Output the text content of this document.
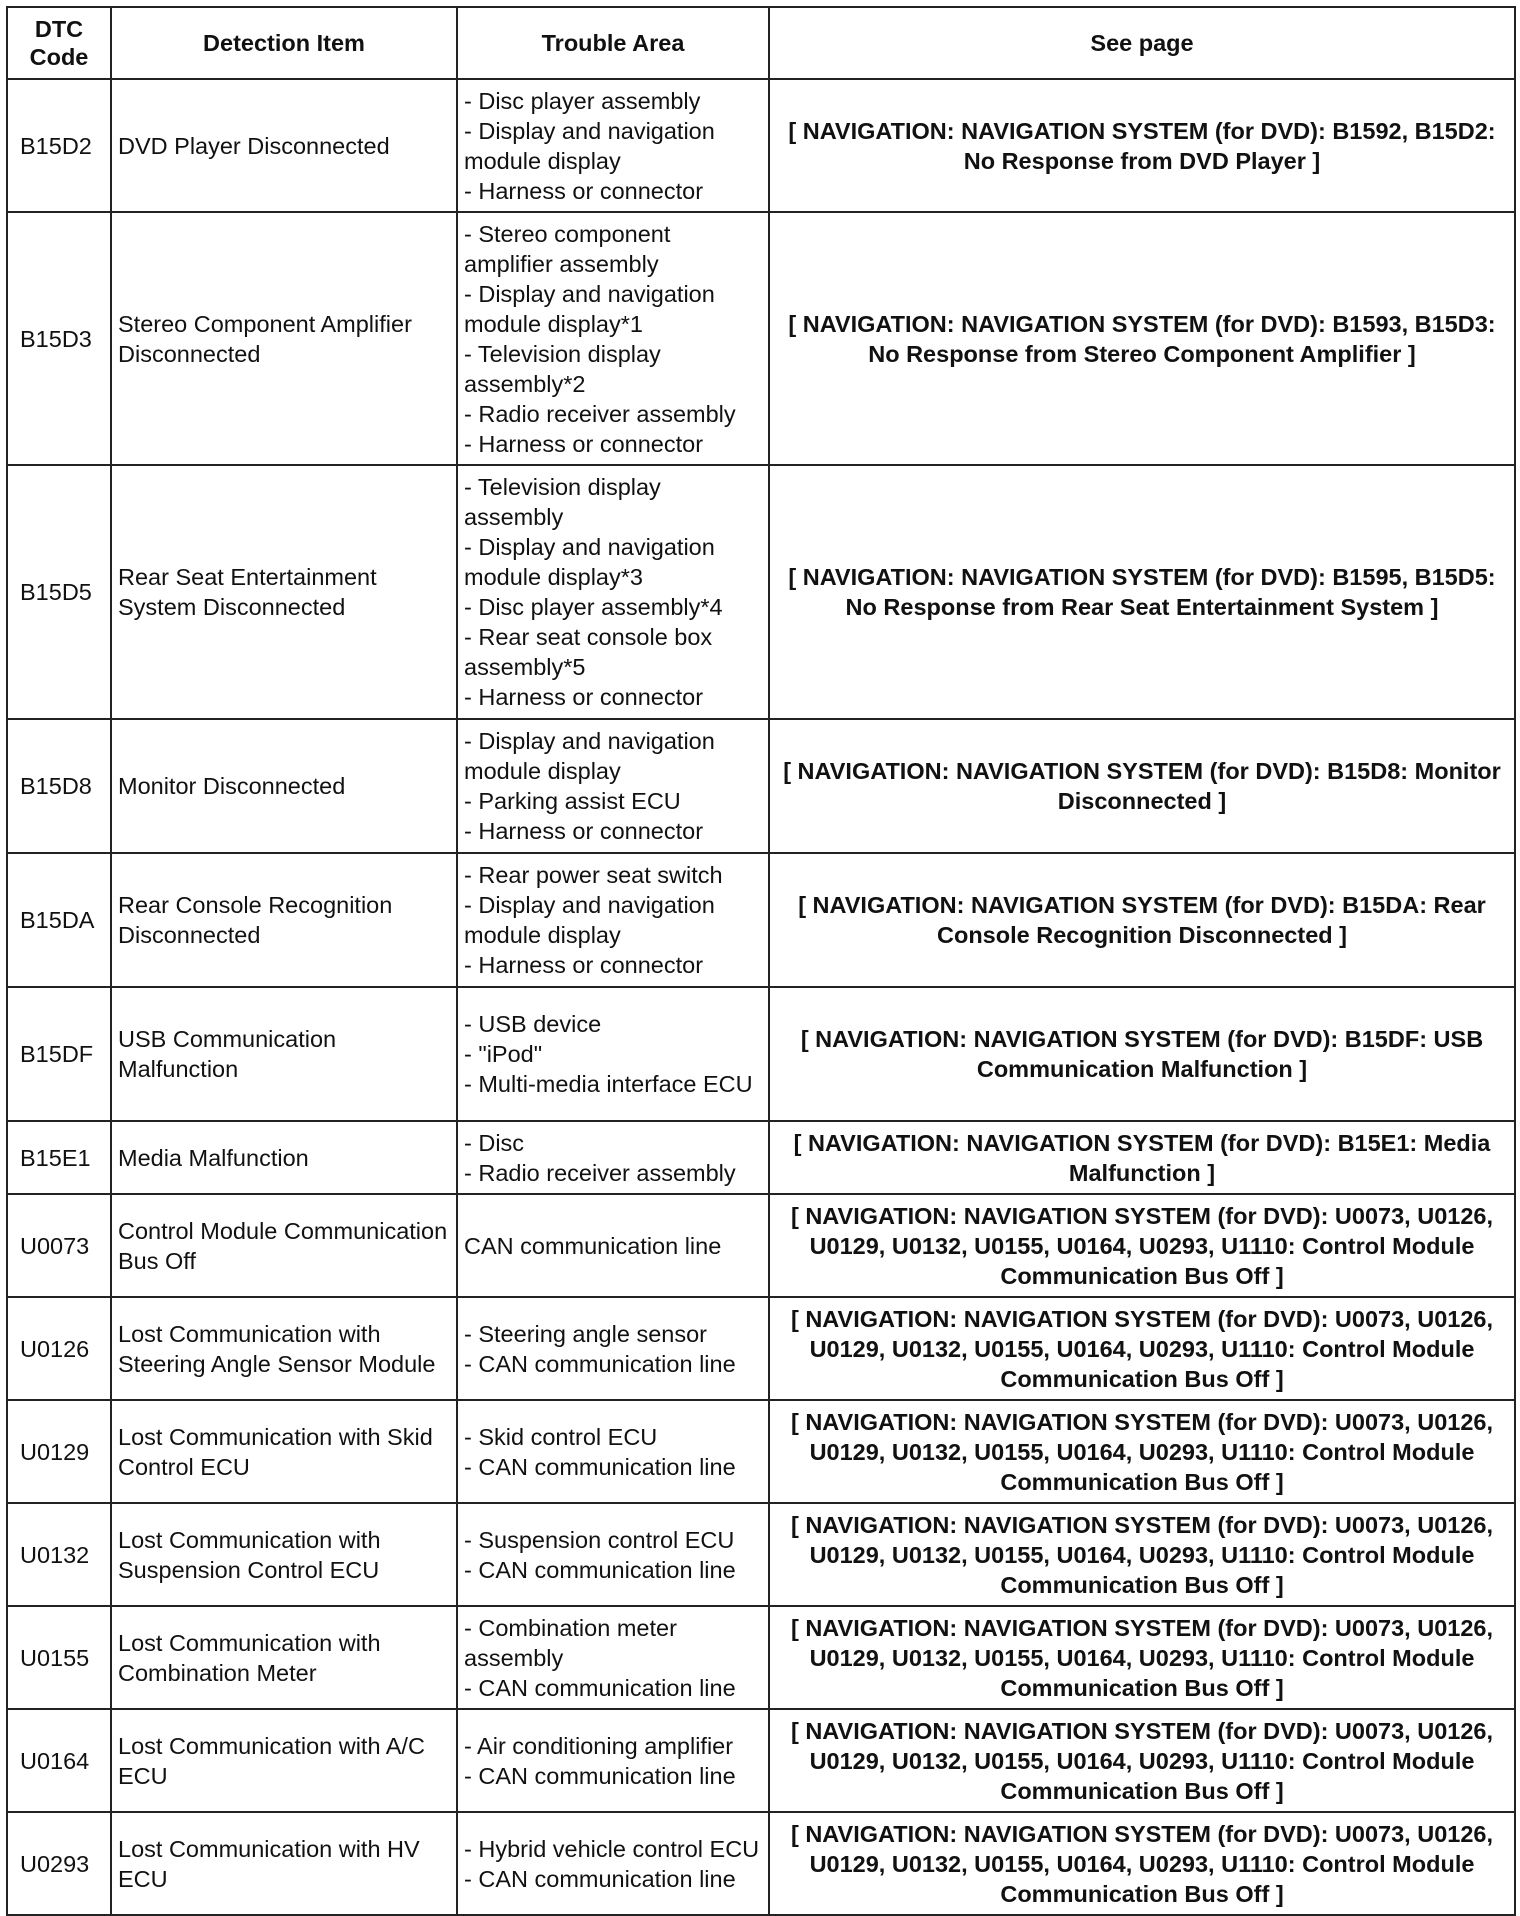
DTC Code	Detection Item	Trouble Area	See page
B15D2	DVD Player Disconnected	- Disc player assembly
- Display and navigation module display
- Harness or connector	[ NAVIGATION: NAVIGATION SYSTEM (for DVD): B1592, B15D2: No Response from DVD Player ]
B15D3	Stereo Component Amplifier Disconnected	- Stereo component amplifier assembly
- Display and navigation module display*1
- Television display assembly*2
- Radio receiver assembly
- Harness or connector	[ NAVIGATION: NAVIGATION SYSTEM (for DVD): B1593, B15D3: No Response from Stereo Component Amplifier ]
B15D5	Rear Seat Entertainment System Disconnected	- Television display assembly
- Display and navigation module display*3
- Disc player assembly*4
- Rear seat console box assembly*5
- Harness or connector	[ NAVIGATION: NAVIGATION SYSTEM (for DVD): B1595, B15D5: No Response from Rear Seat Entertainment System ]
B15D8	Monitor Disconnected	- Display and navigation module display
- Parking assist ECU
- Harness or connector	[ NAVIGATION: NAVIGATION SYSTEM (for DVD): B15D8: Monitor Disconnected ]
B15DA	Rear Console Recognition Disconnected	- Rear power seat switch
- Display and navigation module display
- Harness or connector	[ NAVIGATION: NAVIGATION SYSTEM (for DVD): B15DA: Rear Console Recognition Disconnected ]
B15DF	USB Communication Malfunction	- USB device
- "iPod"
- Multi-media interface ECU	[ NAVIGATION: NAVIGATION SYSTEM (for DVD): B15DF: USB Communication Malfunction ]
B15E1	Media Malfunction	- Disc
- Radio receiver assembly	[ NAVIGATION: NAVIGATION SYSTEM (for DVD): B15E1: Media Malfunction ]
U0073	Control Module Communication Bus Off	CAN communication line	[ NAVIGATION: NAVIGATION SYSTEM (for DVD): U0073, U0126, U0129, U0132, U0155, U0164, U0293, U1110: Control Module Communication Bus Off ]
U0126	Lost Communication with Steering Angle Sensor Module	- Steering angle sensor
- CAN communication line	[ NAVIGATION: NAVIGATION SYSTEM (for DVD): U0073, U0126, U0129, U0132, U0155, U0164, U0293, U1110: Control Module Communication Bus Off ]
U0129	Lost Communication with Skid Control ECU	- Skid control ECU
- CAN communication line	[ NAVIGATION: NAVIGATION SYSTEM (for DVD): U0073, U0126, U0129, U0132, U0155, U0164, U0293, U1110: Control Module Communication Bus Off ]
U0132	Lost Communication with Suspension Control ECU	- Suspension control ECU
- CAN communication line	[ NAVIGATION: NAVIGATION SYSTEM (for DVD): U0073, U0126, U0129, U0132, U0155, U0164, U0293, U1110: Control Module Communication Bus Off ]
U0155	Lost Communication with Combination Meter	- Combination meter assembly
- CAN communication line	[ NAVIGATION: NAVIGATION SYSTEM (for DVD): U0073, U0126, U0129, U0132, U0155, U0164, U0293, U1110: Control Module Communication Bus Off ]
U0164	Lost Communication with A/C ECU	- Air conditioning amplifier
- CAN communication line	[ NAVIGATION: NAVIGATION SYSTEM (for DVD): U0073, U0126, U0129, U0132, U0155, U0164, U0293, U1110: Control Module Communication Bus Off ]
U0293	Lost Communication with HV ECU	- Hybrid vehicle control ECU
- CAN communication line	[ NAVIGATION: NAVIGATION SYSTEM (for DVD): U0073, U0126, U0129, U0132, U0155, U0164, U0293, U1110: Control Module Communication Bus Off ]
